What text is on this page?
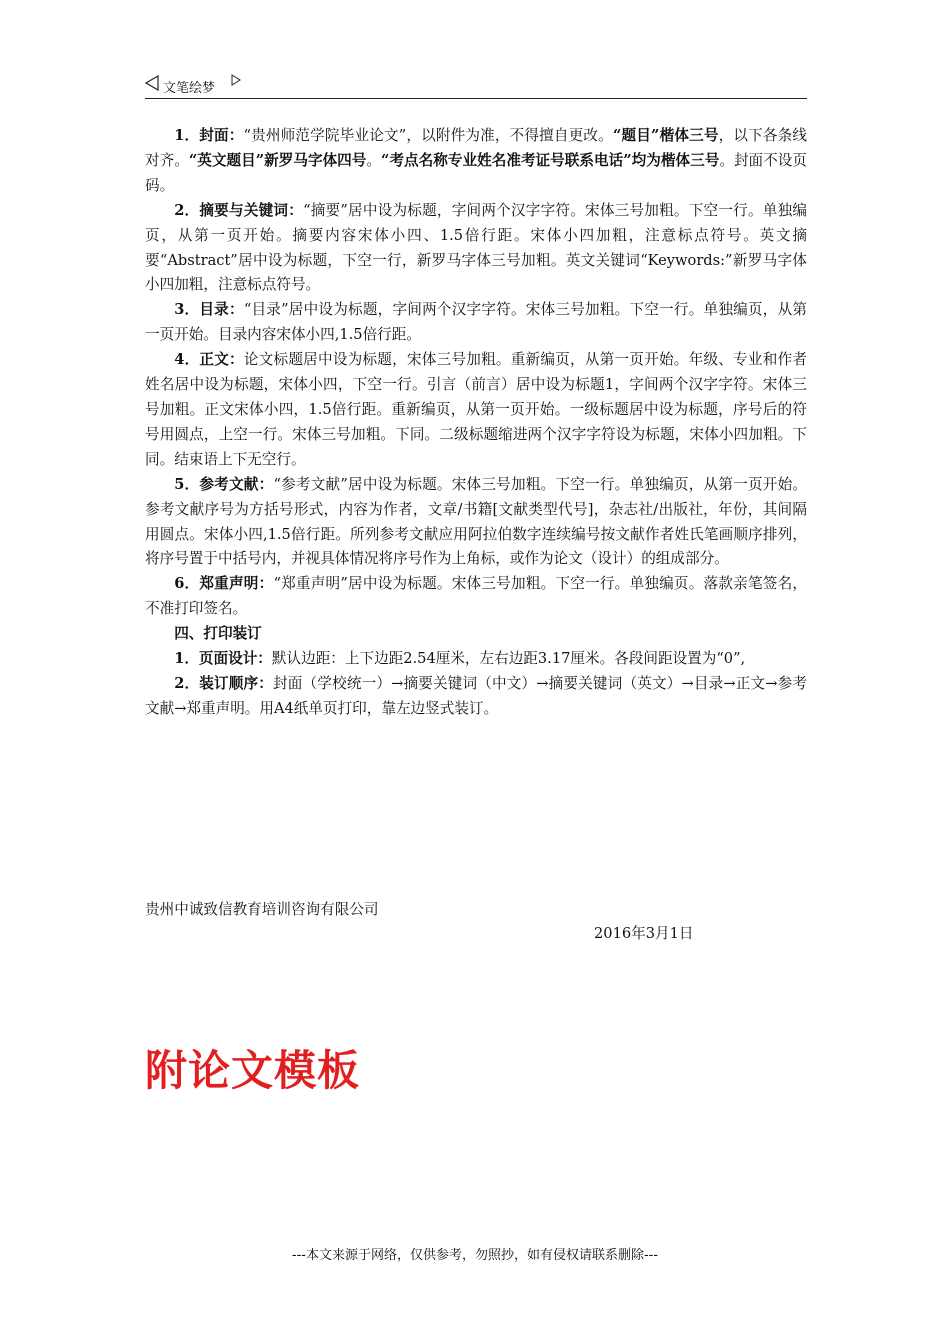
文笔绘梦

1．封面：“贵州师范学院毕业论文”，以附件为准，不得擅自更改。“题目”楷体三号，以下各条线对齐。“英文题目”新罗马字体四号。“考点名称专业姓名准考证号联系电话”均为楷体三号。封面不设页码。

2．摘要与关键词：“摘要”居中设为标题，字间两个汉字字符。宋体三号加粗。下空一行。单独编页，从第一页开始。摘要内容宋体小四、1.5倍行距。宋体小四加粗，注意标点符号。英文摘要“Abstract”居中设为标题，下空一行，新罗马字体三号加粗。英文关键词“Keywords:”新罗马字体小四加粗，注意标点符号。

3．目录：“目录”居中设为标题，字间两个汉字字符。宋体三号加粗。下空一行。单独编页，从第一页开始。目录内容宋体小四,1.5倍行距。

4．正文：论文标题居中设为标题，宋体三号加粗。重新编页，从第一页开始。年级、专业和作者姓名居中设为标题，宋体小四，下空一行。引言（前言）居中设为标题1，字间两个汉字字符。宋体三号加粗。正文宋体小四，1.5倍行距。重新编页，从第一页开始。一级标题居中设为标题，序号后的符号用圆点，上空一行。宋体三号加粗。下同。二级标题缩进两个汉字字符设为标题，宋体小四加粗。下同。结束语上下无空行。

5．参考文献：“参考文献”居中设为标题。宋体三号加粗。下空一行。单独编页，从第一页开始。参考文献序号为方括号形式，内容为作者，文章/书籍[文献类型代号]，杂志社/出版社，年份，其间隔用圆点。宋体小四,1.5倍行距。所列参考文献应用阿拉伯数字连续编号按文献作者姓氏笔画顺序排列，将序号置于中括号内，并视具体情况将序号作为上角标，或作为论文（设计）的组成部分。

6．郑重声明：“郑重声明”居中设为标题。宋体三号加粗。下空一行。单独编页。落款亲笔签名，不准打印签名。

四、打印装订

1．页面设计：默认边距：上下边距2.54厘米，左右边距3.17厘米。各段间距设置为“0”,

2．装订顺序：封面（学校统一）→摘要关键词（中文）→摘要关键词（英文）→目录→正文→参考文献→郑重声明。用A4纸单页打印，靠左边竖式装订。

贵州中诚致信教育培训咨询有限公司
2016年3月1日
附论文模板
---本文来源于网络，仅供参考，勿照抄，如有侵权请联系删除---
